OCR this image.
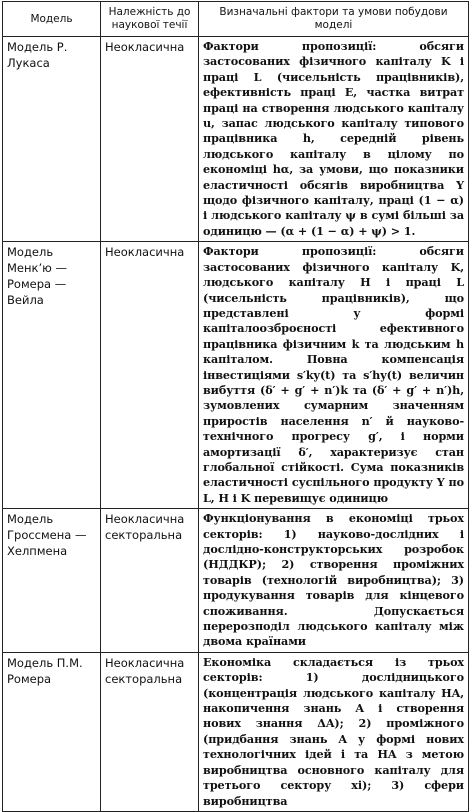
Модель	Належність до наукової течії	Визначальні фактори та умови побудови моделі
Модель Р. Лукаса	Неокласична	Фактори пропозиції: обсяги застосованих фізичного капіталу K і праці L (чисельність працівників), ефективність праці E, частка витрат праці на створення людського капіталу u, запас людського капіталу типового працівника h, середній рівень людського капіталу в цілому по економіці hα, за умови, що показники еластичності обсягів виробництва Y щодо фізичного капіталу, праці (1 − α) і людського капіталу ψ в сумі більші за одиницю — (α + (1 − α) + ψ) > 1.
Модель Менк’ю — Ромера — Вейла	Неокласична	Фактори пропозиції: обсяги застосованих фізичного капіталу K, людського капіталу H і праці L (чисельність працівників), що представлені у формі капіталоозброєності ефективного працівника фізичним k та людським h капіталом. Повна компенсація інвестиціями s′ky(t) та s′hy(t) величин вибуття (δ′ + g′ + n′)k та (δ′ + g′ + n′)h, зумовлених сумарним значенням приростів населення n′ й науково-технічного прогресу g′, і норми амортизації δ′, характеризує стан глобальної стійкості. Сума показників еластичності суспільного продукту Y по L, H і K перевищує одиницю
Модель Гроссмена — Хелпмена	Неокласична секторальна	Функціонування в економіці трьох секторів: 1) науково-дослідних і дослідно-конструкторських розробок (НДДКР); 2) створення проміжних товарів (технологій виробництва); 3) продукування товарів для кінцевого споживання. Допускається перерозподіл людського капіталу між двома країнами
Модель П.М. Ромера	Неокласична секторальна	Економіка складається із трьох секторів: 1) дослідницького (концентрація людського капіталу HA, накопичення знань A і створення нових знання ΔA); 2) проміжного (придбання знань A у формі нових технологічних ідей i та HA з метою виробництва основного капіталу для третього сектору xi); 3) сфери виробництва
